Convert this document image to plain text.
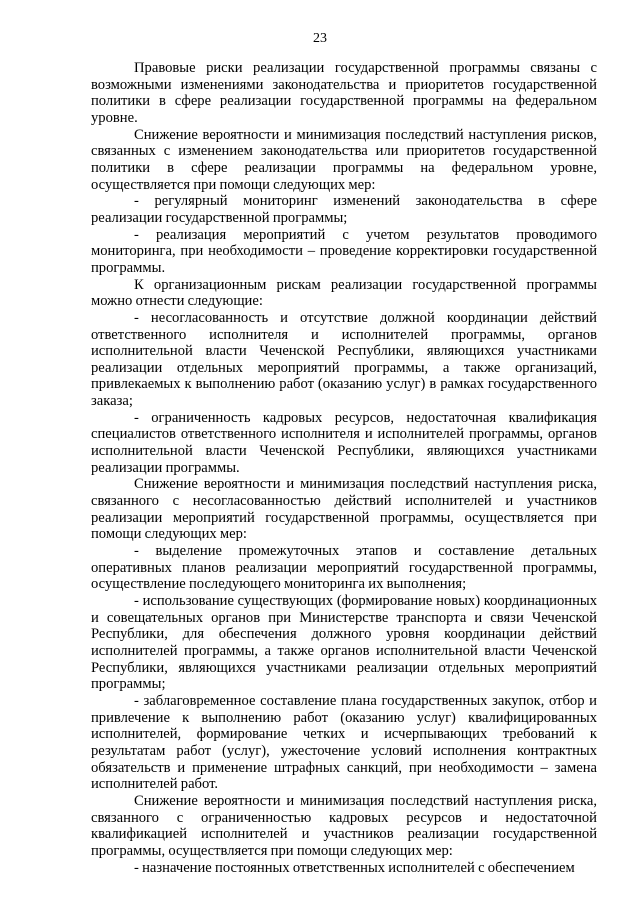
23

Правовые риски реализации государственной программы связаны с возможными изменениями законодательства и приоритетов государственной политики в сфере реализации государственной программы на федеральном уровне.

Снижение вероятности и минимизация последствий наступления рисков, связанных с изменением законодательства или приоритетов государственной политики в сфере реализации программы на федеральном уровне, осуществляется при помощи следующих мер:

- регулярный мониторинг изменений законодательства в сфере реализации государственной программы;

- реализация мероприятий с учетом результатов проводимого мониторинга, при необходимости – проведение корректировки государственной программы.

К организационным рискам реализации государственной программы можно отнести следующие:

- несогласованность и отсутствие должной координации действий ответственного исполнителя и исполнителей программы, органов исполнительной власти Чеченской Республики, являющихся участниками реализации отдельных мероприятий программы, а также организаций, привлекаемых к выполнению работ (оказанию услуг) в рамках государственного заказа;

- ограниченность кадровых ресурсов, недостаточная квалификация специалистов ответственного исполнителя и исполнителей программы, органов исполнительной власти Чеченской Республики, являющихся участниками реализации программы.

Снижение вероятности и минимизация последствий наступления риска, связанного с несогласованностью действий исполнителей и участников реализации мероприятий государственной программы, осуществляется при помощи следующих мер:

- выделение промежуточных этапов и составление детальных оперативных планов реализации мероприятий государственной программы, осуществление последующего мониторинга их выполнения;

- использование существующих (формирование новых) координационных и совещательных органов при Министерстве транспорта и связи Чеченской Республики, для обеспечения должного уровня координации действий исполнителей программы, а также органов исполнительной власти Чеченской Республики, являющихся участниками реализации отдельных мероприятий программы;

- заблаговременное составление плана государственных закупок, отбор и привлечение к выполнению работ (оказанию услуг) квалифицированных исполнителей, формирование четких и исчерпывающих требований к результатам работ (услуг), ужесточение условий исполнения контрактных обязательств и применение штрафных санкций, при необходимости – замена исполнителей работ.

Снижение вероятности и минимизация последствий наступления риска, связанного с ограниченностью кадровых ресурсов и недостаточной квалификацией исполнителей и участников реализации государственной программы, осуществляется при помощи следующих мер:

- назначение постоянных ответственных исполнителей с обеспечением
